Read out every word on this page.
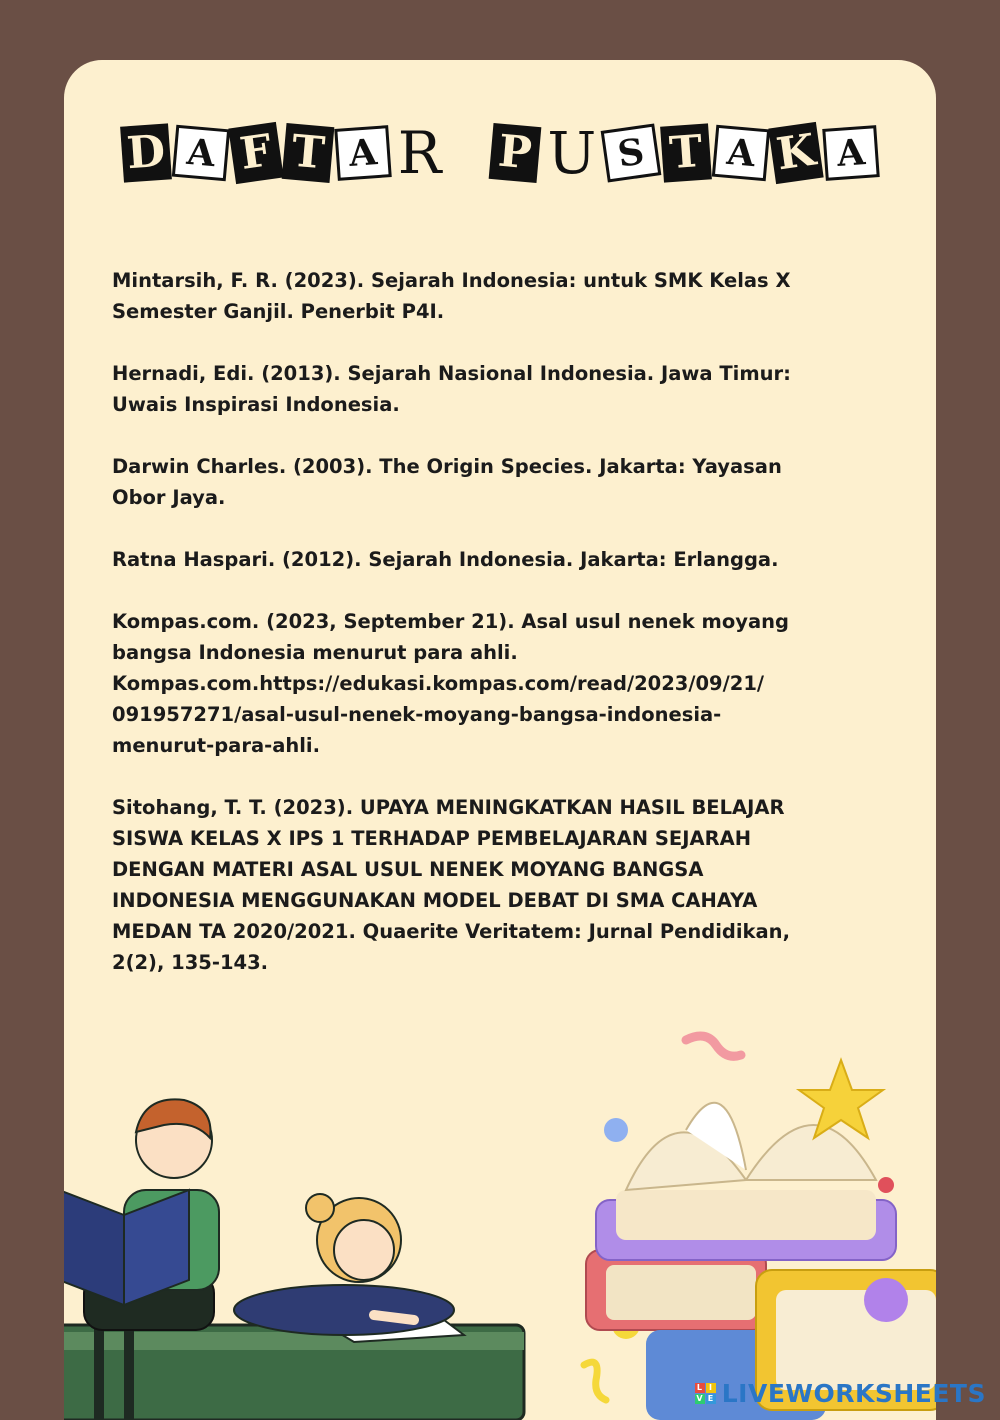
D A F T A R P U S T A K A
Mintarsih, F. R. (2023). Sejarah Indonesia: untuk SMK Kelas X
Semester Ganjil. Penerbit P4I.
Hernadi, Edi. (2013). Sejarah Nasional Indonesia. Jawa Timur:
Uwais Inspirasi Indonesia.
Darwin Charles. (2003). The Origin Species. Jakarta: Yayasan
Obor Jaya.
Ratna Haspari. (2012). Sejarah Indonesia. Jakarta: Erlangga.
Kompas.com. (2023, September 21). Asal usul nenek moyang
bangsa Indonesia menurut para ahli.
Kompas.com.https://edukasi.kompas.com/read/2023/09/21/
091957271/asal-usul-nenek-moyang-bangsa-indonesia-
menurut-para-ahli.
Sitohang, T. T. (2023). UPAYA MENINGKATKAN HASIL BELAJAR
SISWA KELAS X IPS 1 TERHADAP PEMBELAJARAN SEJARAH
DENGAN MATERI ASAL USUL NENEK MOYANG BANGSA
INDONESIA MENGGUNAKAN MODEL DEBAT DI SMA CAHAYA
MEDAN TA 2020/2021. Quaerite Veritatem: Jurnal Pendidikan,
2(2), 135-143.
L I
V E LIVEWORKSHEETS
